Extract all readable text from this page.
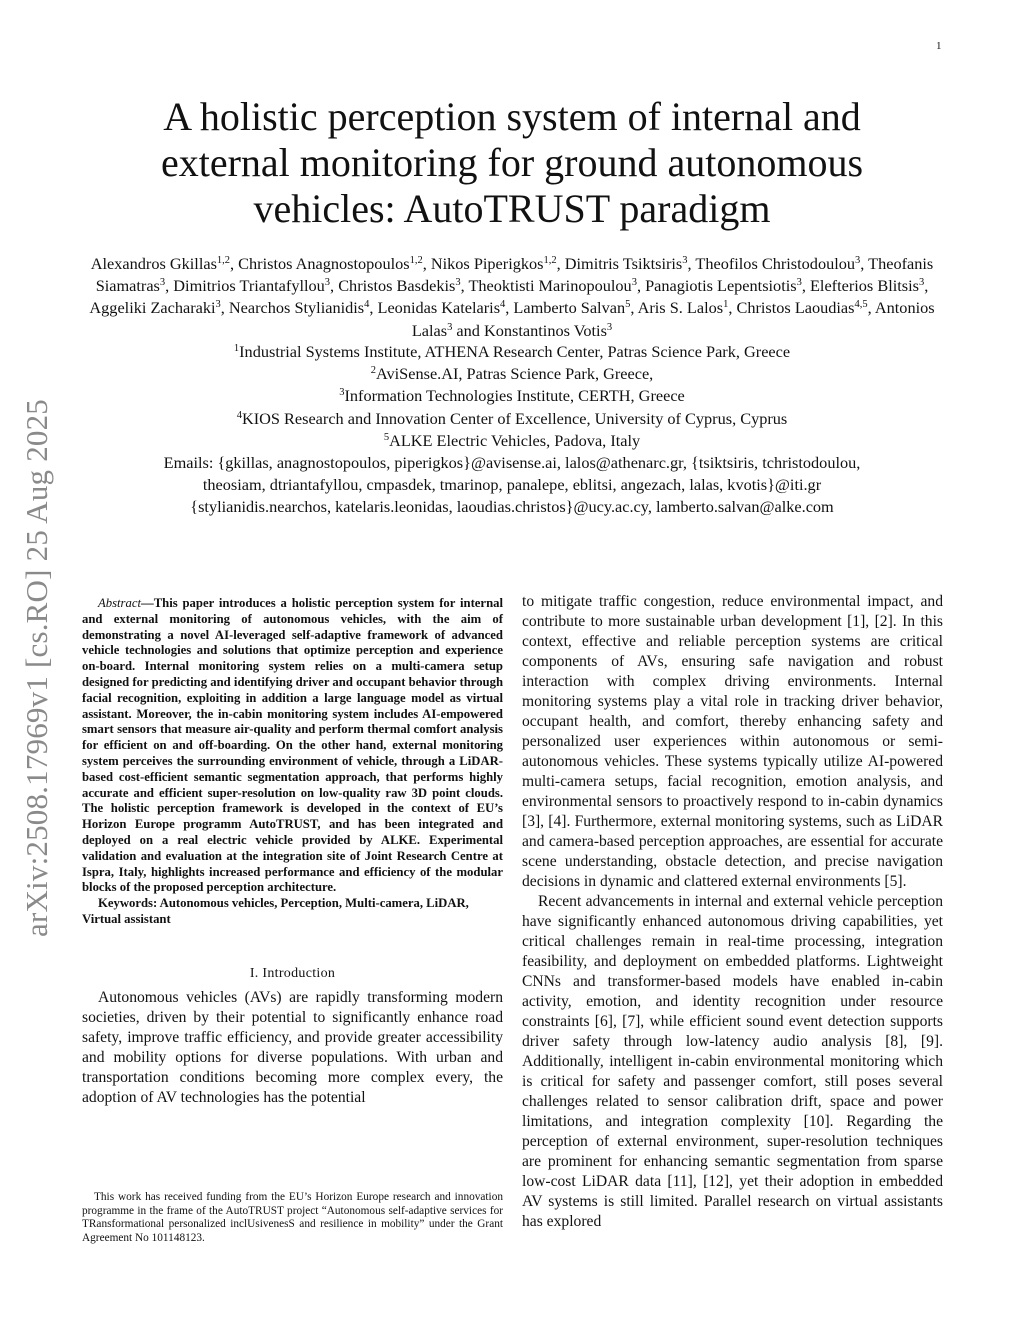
1
arXiv:2508.17969v1 [cs.RO] 25 Aug 2025
A holistic perception system of internal and external monitoring for ground autonomous vehicles: AutoTRUST paradigm
Alexandros Gkillas$^{1,2}$, Christos Anagnostopoulos$^{1,2}$, Nikos Piperigkos$^{1,2}$, Dimitris Tsiktsiris$^3$, Theofilos Christodoulou$^3$, Theofanis Siamatras$^3$, Dimitrios Triantafyllou$^3$, Christos Basdekis$^3$, Theoktisti Marinopoulou$^3$, Panagiotis Lepentsiotis$^3$, Elefterios Blitsis$^3$, Aggeliki Zacharaki$^3$, Nearchos Stylianidis$^4$, Leonidas Katelaris$^4$, Lamberto Salvan$^5$, Aris S. Lalos$^1$, Christos Laoudias$^{4,5}$, Antonios Lalas$^3$ and Konstantinos Votis$^3$
$^1$Industrial Systems Institute, ATHENA Research Center, Patras Science Park, Greece
$^2$AviSense.AI, Patras Science Park, Greece,
$^3$Information Technologies Institute, CERTH, Greece
$^4$KIOS Research and Innovation Center of Excellence, University of Cyprus, Cyprus
$^5$ALKE Electric Vehicles, Padova, Italy
Emails: {gkillas, anagnostopoulos, piperigkos}@avisense.ai, lalos@athenarc.gr, {tsiktsiris, tchristodoulou,
theosiam, dtriantafyllou, cmpasdek, tmarinop, panalepe, eblitsi, angezach, lalas, kvotis}@iti.gr
{stylianidis.nearchos, katelaris.leonidas, laoudias.christos}@ucy.ac.cy, lamberto.salvan@alke.com

Abstract—This paper introduces a holistic perception system for internal and external monitoring of autonomous vehicles, with the aim of demonstrating a novel AI-leveraged self-adaptive framework of advanced vehicle technologies and solutions that optimize perception and experience on-board. Internal monitoring system relies on a multi-camera setup designed for predicting and identifying driver and occupant behavior through facial recognition, exploiting in addition a large language model as virtual assistant. Moreover, the in-cabin monitoring system includes AI-empowered smart sensors that measure air-quality and perform thermal comfort analysis for efficient on and off-boarding. On the other hand, external monitoring system perceives the surrounding environment of vehicle, through a LiDAR-based cost-efficient semantic segmentation approach, that performs highly accurate and efficient super-resolution on low-quality raw 3D point clouds. The holistic perception framework is developed in the context of EU’s Horizon Europe programm AutoTRUST, and has been integrated and deployed on a real electric vehicle provided by ALKE. Experimental validation and evaluation at the integration site of Joint Research Centre at Ispra, Italy, highlights increased performance and efficiency of the modular blocks of the proposed perception architecture.

Keywords: Autonomous vehicles, Perception, Multi-camera, LiDAR, Virtual assistant

I. Introduction

Autonomous vehicles (AVs) are rapidly transforming modern societies, driven by their potential to significantly enhance road safety, improve traffic efficiency, and provide greater accessibility and mobility options for diverse populations. With urban and transportation conditions becoming more complex every, the adoption of AV technologies has the potential

This work has received funding from the EU’s Horizon Europe research and innovation programme in the frame of the AutoTRUST project “Autonomous self-adaptive services for TRansformational personalized inclUsivenesS and resilience in mobility” under the Grant Agreement No 101148123.

to mitigate traffic congestion, reduce environmental impact, and contribute to more sustainable urban development [1], [2]. In this context, effective and reliable perception systems are critical components of AVs, ensuring safe navigation and robust interaction with complex driving environments. Internal monitoring systems play a vital role in tracking driver behavior, occupant health, and comfort, thereby enhancing safety and personalized user experiences within autonomous or semi-autonomous vehicles. These systems typically utilize AI-powered multi-camera setups, facial recognition, emotion analysis, and environmental sensors to proactively respond to in-cabin dynamics [3], [4]. Furthermore, external monitoring systems, such as LiDAR and camera-based perception approaches, are essential for accurate scene understanding, obstacle detection, and precise navigation decisions in dynamic and clattered external environments [5].

Recent advancements in internal and external vehicle perception have significantly enhanced autonomous driving capabilities, yet critical challenges remain in real-time processing, integration feasibility, and deployment on embedded platforms. Lightweight CNNs and transformer-based models have enabled in-cabin activity, emotion, and identity recognition under resource constraints [6], [7], while efficient sound event detection supports driver safety through low-latency audio analysis [8], [9]. Additionally, intelligent in-cabin environmental monitoring which is critical for safety and passenger comfort, still poses several challenges related to sensor calibration drift, space and power limitations, and integration complexity [10]. Regarding the perception of external environment, super-resolution techniques are prominent for enhancing semantic segmentation from sparse low-cost LiDAR data [11], [12], yet their adoption in embedded AV systems is still limited. Parallel research on virtual assistants has explored
